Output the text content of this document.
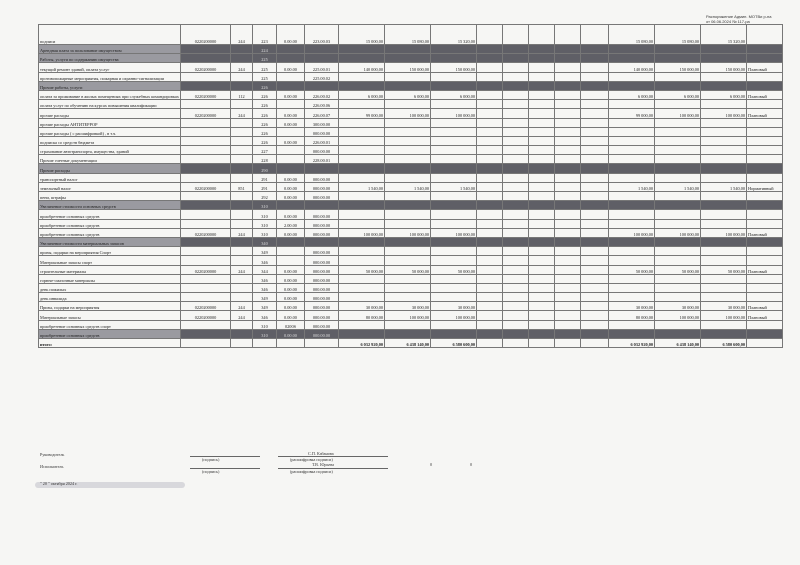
Распоряжение Админ. МОТВи р-на от 06.06.2024 № 117-ра
подписи	0220200000	244	223	0.00.00	223.00.03	15 000,00	15 080,00	15 320,00						15 080,00	15 080,00	15 320,00	
Арендная плата за пользование имуществом			224														
Работы, услуги по содержанию имущества			225														
текущий ремонт зданий, оплата услуг	0220200000	244	225	0.00.00	225.00.01	140 000,00	150 000,00	150 000,00						140 000,00	150 000,00	150 000,00	Плановый
противопожарные мероприятия, пожарная и охранно-сигнализации			225		225.00.02												
Прочие работы, услуги			226														
оплата за проживание в жилых помещениях при служебных командировках	0220200000	112	226	0.00.00	226.00.02	6 000,00	6 000,00	6 000,00						6 000,00	6 000,00	6 000,00	Плановый
оплата услуг по обучению на курсах повышения квалификации			226		226.00.06												
прочие расходы	0220200000	244	226	0.00.00	226.00.07	99 000,00	100 000,00	100 000,00						99 000,00	100 000,00	100 000,00	Плановый
прочие расходы АНТИТЕРРОР			226	0.00.00	300.00.00												
прочие расходы ( с расшифровкой) , в т.ч.			226		000.00.00												
подписка со средств бюджета			226	0.00.00	226.00.01												
страхование автотранспорта, имущества, зданий			227		000.00.00												
Прочие счетные документации			228		228.00.01												
Прочие расходы			290														
транспортный налог			291	0.00.00	000.00.00												
земельный налог	0220200000	851	291	0.00.00	000.00.00	1 540,00	1 540,00	1 540,00						1 540,00	1 540,00	1 540,00	Нормативный
пени, штрафы			292	0.00.00	000.00.00												
Увеличение стоимости основных средств			310														
приобретение основных средств			310	0.00.00	000.00.00												
приобретение основных средств			310	2.00.00	000.00.00												
приобретение основных средств	0220200000	244	310	0.00.00	000.00.00	100 000,00	100 000,00	100 000,00						100 000,00	100 000,00	100 000,00	Плановый
Увеличение стоимости материальных запасов			340														
призы, подарки на мероприятия Спорт			349		000.00.00												
Материальные запасы спорт			346		000.00.00												
строительные материалы	0220200000	244	344	0.00.00	000.00.00	50 000,00	50 000,00	50 000,00						50 000,00	50 000,00	50 000,00	Плановый
горюче-смазочные материалы			346	0.00.00	000.00.00												
день пожилых			346	0.00.00	000.00.00												
день инвалида			349	0.00.00	000.00.00												
Призы, подарки на мероприятия	0220200000	244	349	0.00.00	000.00.00	30 000,00	30 000,00	30 000,00						30 000,00	30 000,00	30 000,00	Плановый
Материальные запасы	0220200000	244	346	0.00.00	000.00.00	80 000,00	100 000,00	100 000,00						80 000,00	100 000,00	100 000,00	Плановый
приобретение основных средств спорт			310	0200S	000.00.00												
приобретение основных средств			310	0.00.00	000.00.00												
итого:						6 032 920,00	6 438 140,00	6 580 600,00						6 032 920,00	6 438 140,00	6 580 600,00	
Руководитель
(подпись)
С.П. Кабанова
(расшифровка подписи)
Исполнитель
(подпись)
Т.В. Юрьева
(расшифровка подписи)
0	0
" 20 " октября 2024 г.
